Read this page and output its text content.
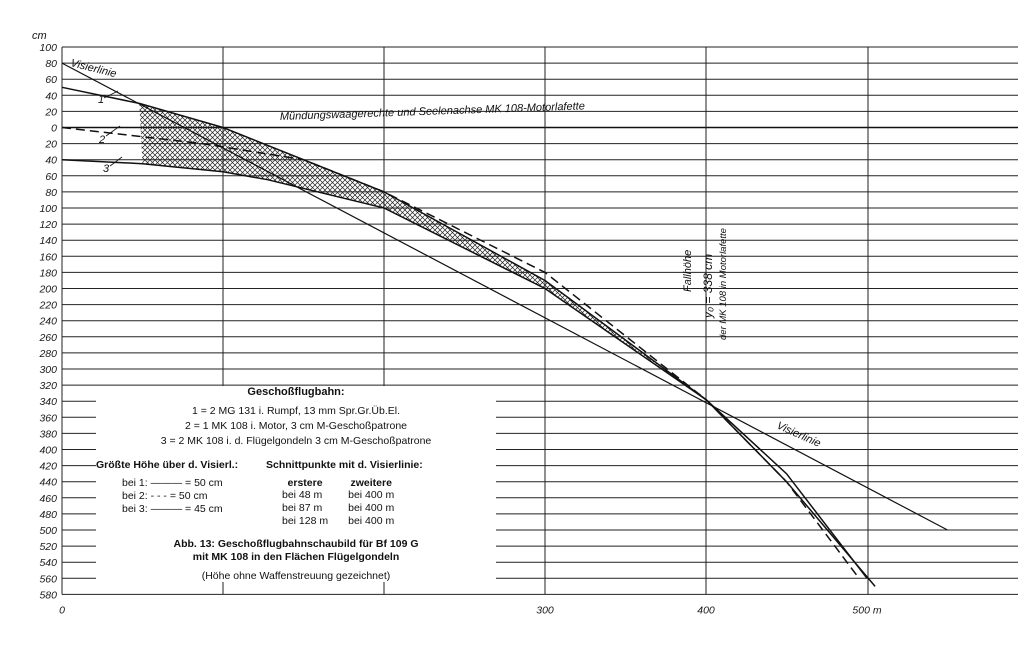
100
80
60
40
20
0
20
40
60
80
100
120
140
160
180
200
220
240
260
280
300
320
340
360
380
400
420
440
460
480
500
520
540
560
580
0	300	400	500 m
cm
Visierlinie
Mündungswaagerechte und Seelenachse MK 108-Motorlafette
Visierlinie
Fallhöhe y₀ = 338 cm der MK 108 in Motorlafette
1
2
3
Geschoßflugbahn:
1 = 2 MG 131 i. Rumpf, 13 mm Spr.Gr.Üb.El.
2 = 1 MK 108 i. Motor, 3 cm M-Geschoßpatrone
3 = 2 MK 108 i. d. Flügelgondeln 3 cm M-Geschoßpatrone
Größte Höhe über d. Visierl.:
bei 1: ——— = 50 cm
bei 2: - - - = 50 cm
bei 3: ——— = 45 cm
Schnittpunkte mit d. Visierlinie:
erstere	zweitere
bei 48 m	bei 400 m
bei 87 m	bei 400 m
bei 128 m	bei 400 m
Abb. 13: Geschoßflugbahnschaubild für Bf 109 G
mit MK 108 in den Flächen Flügelgondeln
(Höhe ohne Waffenstreuung gezeichnet)
